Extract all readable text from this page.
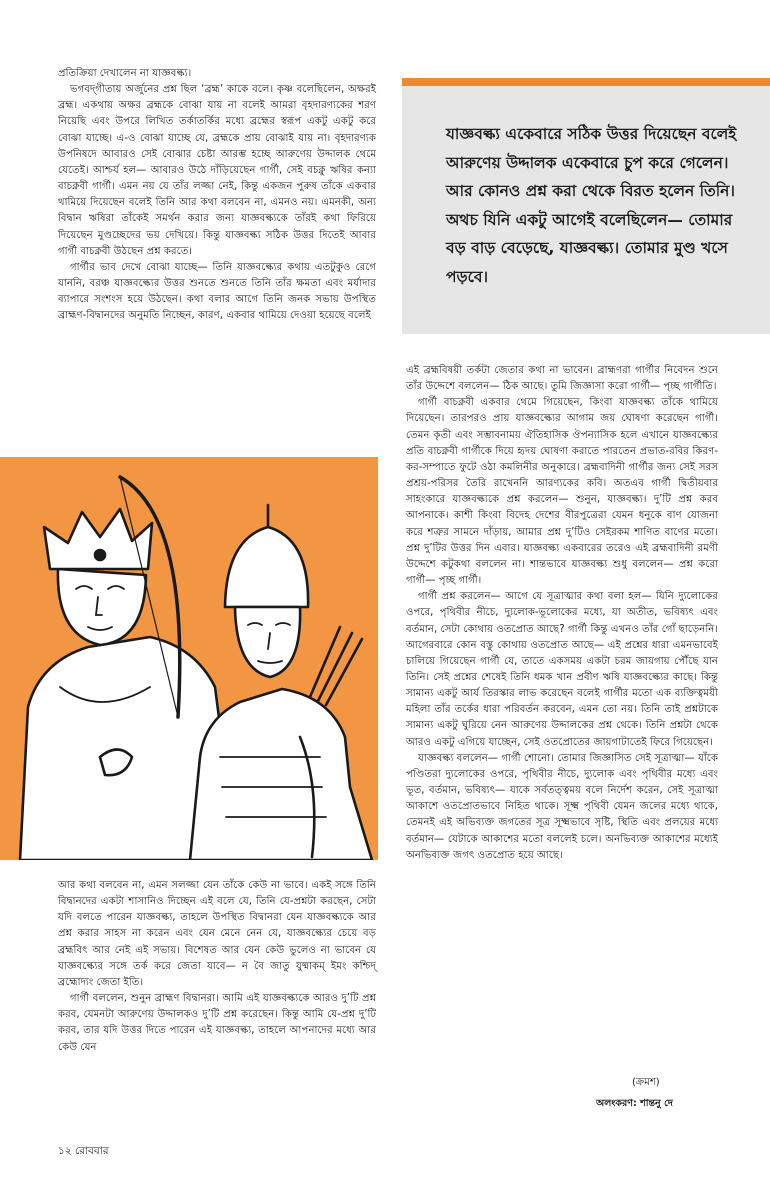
প্রতিক্রিয়া দেখালেন না যাজ্ঞবল্ক্য।

ভগবদ্‌গীতায় অর্জুনের প্রশ্ন ছিল ‘ব্রহ্ম’ কাকে বলে। কৃষ্ণ বলেছিলেন, অক্ষরই ব্রহ্ম। একথায় অক্ষর ব্রহ্মকে বোঝা যায় না বলেই আমরা বৃহদারণ্যকের শরণ নিয়েছি এবং উপরে লিখিত তর্কাতর্কির মধ্যে ব্রহ্মের স্বরূপ একটু একটু করে বোঝা যাচ্ছে। এ-ও বোঝা যাচ্ছে যে, ব্রহ্মকে প্রায় বোঝাই যায় না। বৃহদারণ্যক উপনিষদে আবারও সেই বোঝার চেষ্টা আরম্ভ হচ্ছে আরুণেয় উদ্দালক থেমে যেতেই। আশ্চর্য হল— আবারও উঠে দাঁড়িয়েছেন গার্গী, সেই বচক্নু ঋষির কন্যা বাচক্নবী গার্গী। এমন নয় যে তাঁর লজ্জা নেই, কিন্তু একজন পুরুষ তাঁকে একবার থামিয়ে দিয়েছেন বলেই তিনি আর কথা বলবেন না, এমনও নয়। এমনকী, অন্য বিদ্বান ঋষিরা তাঁকেই সমর্থন করার জন্য যাজ্ঞবল্ক্যকে তাঁরই কথা ফিরিয়ে দিয়েছেন মুণ্ডচ্ছেদের ভয় দেখিয়ে। কিন্তু যাজ্ঞবল্ক্য সঠিক উত্তর দিতেই আবার গার্গী বাচক্নবী উঠছেন প্রশ্ন করতে।

গার্গীর ভাব দেখে বোঝা যাচ্ছে— তিনি যাজ্ঞবল্ক্যের কথায় এতটুকুও রেগে যাননি, বরঞ্চ যাজ্ঞবল্ক্যের উত্তর শুনতে শুনতে তিনি তাঁর ক্ষমতা এবং মর্যাদার ব্যাপারে সংশংস হয়ে উঠছেন। কথা বলার আগে তিনি জনক সভায় উপস্থিত ব্রাহ্মণ-বিদ্বানদের অনুমতি নিচ্ছেন, কারণ, একবার থামিয়ে দেওয়া হয়েছে বলেই

যাজ্ঞবল্ক্য একেবারে সঠিক উত্তর দিয়েছেন বলেই আরুণেয় উদ্দালক একেবারে চুপ করে গেলেন। আর কোনও প্রশ্ন করা থেকে বিরত হলেন তিনি। অথচ যিনি একটু আগেই বলেছিলেন— তোমার বড় বাড় বেড়েছে, যাজ্ঞবল্ক্য। তোমার মুণ্ড খসে পড়বে।

আর কথা বলবেন না, এমন সলজ্জা যেন তাঁকে কেউ না ভাবে। একই সঙ্গে তিনি বিদ্বানদের একটা শাসানিও দিচ্ছেন এই বলে যে, তিনি যে-প্রশ্নটা করছেন, সেটা যদি বলতে পারেন যাজ্ঞবল্ক্য, তাহলে উপস্থিত বিদ্বানরা যেন যাজ্ঞবল্ক্যকে আর প্রশ্ন করার সাহস না করেন এবং যেন মেনে নেন যে, যাজ্ঞবল্ক্যের চেয়ে বড় ব্রহ্মবিৎ আর নেই এই সভায়। বিশেষত আর যেন কেউ ভুলেও না ভাবেন যে যাজ্ঞবল্ক্যের সঙ্গে তর্ক করে জেতা যাবে— ন বৈ জাতু যুষ্মাকম্‌ ইমং কশ্চিদ্‌ ব্রহ্মোদ্যং জেতা ইতি।

গার্গী বললেন, শুনুন ব্রাহ্মণ বিদ্বানরা। আমি এই যাজ্ঞবল্ক্যকে আরও দু’টি প্রশ্ন করব, যেমনটা আরুণেয় উদ্দালকও দু’টি প্রশ্ন করেছেন। কিন্তু আমি যে-প্রশ্ন দু’টি করব, তার যদি উত্তর দিতে পারেন এই যাজ্ঞবল্ক্য, তাহলে আপনাদের মধ্যে আর কেউ যেন

এই ব্রহ্মবিষয়ী তর্কটা জেতার কথা না ভাবেন। ব্রাহ্মণরা গার্গীর নিবেদন শুনে তাঁর উদ্দেশে বললেন— ঠিক আছে। তুমি জিজ্ঞাসা করো গার্গী— পৃচ্ছ গার্গীতি।

গার্গী বাচক্নবী একবার থেমে গিয়েছেন, কিংবা যাজ্ঞবল্ক্য তাঁকে থামিয়ে দিয়েছেন। তারপরও প্রায় যাজ্ঞবল্ক্যের আগাম জয় ঘোষণা করেছেন গার্গী। তেমন কৃতী এবং সম্ভাবনাময় ঐতিহাসিক ঔপন্যাসিক হলে এখানে যাজ্ঞবল্ক্যের প্রতি বাচক্নবী গার্গীকে দিয়ে হৃদয় ঘোষণা করাতে পারতেন প্রভাত-রবির কিরণ-কর-সম্পাতে ফুটে ওঠা কমলিনীর অনুকারে। ব্রহ্মবাদিনী গার্গীর জন্য সেই সরস প্রশ্রয়-পরিসর তৈরি রাখেননি আরণ্যকের কবি। অতএব গার্গী দ্বিতীয়বার সাহংকারে যাজ্ঞবল্ক্যকে প্রশ্ন করলেন— শুনুন, যাজ্ঞবল্ক্য। দু’টি প্রশ্ন করব আপনাকে। কাশী কিংবা বিদেহ দেশের বীরপুত্রেরা যেমন ধনুকে বাণ যোজনা করে শত্রুর সামনে দাঁড়ায়, আমার প্রশ্ন দু’টিও সেইরকম শাণিত বাণের মতো। প্রশ্ন দু’টির উত্তর দিন এবার। যাজ্ঞবল্ক্য একবারের তরেও এই ব্রহ্মবাদিনী রমণী উদ্দেশে কটুকথা বললেন না। শান্তভাবে যাজ্ঞবল্ক্য শুধু বললেন— প্রশ্ন করো গার্গী— পৃচ্ছ গার্গী।

গার্গী প্রশ্ন করলেন— আগে যে সূত্রাত্মার কথা বলা হল— যিনি দ্যুলোকের ওপরে, পৃথিবীর নীচে, দ্যুলোক-ভূলোকের মধ্যে, যা অতীত, ভবিষ্যৎ এবং বর্তমান, সেটা কোথায় ওতপ্রোত আছে? গার্গী কিন্তু এখনও তাঁর গোঁ ছাড়েননি। আগেরবারে কোন বস্তু কোথায় ওতপ্রোত আছে— এই প্রশ্নের ধারা এমনভাবেই চালিয়ে গিয়েছেন গার্গী যে, তাতে একসময় একটা চরম জায়গায় পৌঁছে যান তিনি। সেই প্রশ্নের শেষেই তিনি ধমক খান প্রবীণ ঋষি যাজ্ঞবল্ক্যের কাছে। কিন্তু সামান্য একটু আর্য তিরস্কার লাভ করেছেন বলেই গার্গীর মতো এক ব্যক্তিত্বময়ী মহিলা তাঁর তর্কের ধারা পরিবর্তন করবেন, এমন তো নয়। তিনি তাই প্রশ্নটাকে সামান্য একটু ঘুরিয়ে নেন আরুণেয় উদ্দালকের প্রশ্ন থেকে। তিনি প্রশ্নটা থেকে আরও একটু এগিয়ে যাচ্ছেন, সেই ওতপ্রোতের জায়গাটাতেই ফিরে গিয়েছেন।

যাজ্ঞবল্ক্য বললেন— গার্গী শোনো। তোমার জিজ্ঞাসিত সেই সূত্রাত্মা— যাঁকে পণ্ডিতরা দ্যুলোকের ওপরে, পৃথিবীর নীচে, দ্যুলোক এবং পৃথিবীর মধ্যে এবং ভূত, বর্তমান, ভবিষ্যৎ— যাকে সর্বতত্ত্বময় বলে নির্দেশ করেন, সেই সূত্রাত্মা আকাশে ওতপ্রোতভাবে নিহিত থাকে। সূক্ষ্ম পৃথিবী যেমন জলের মধ্যে থাকে, তেমনই এই অভিব্যক্ত জগতের সূত্র সূক্ষ্মভাবে সৃষ্টি, স্থিতি এবং প্রলয়ের মধ্যে বর্তমান— যেটাকে আকাশের মতো বললেই চলে। অনভিব্যক্ত আকাশের মধ্যেই অনভিব্যক্ত জগৎ ওতপ্রোত হয়ে আছে।

(ক্রমশ)
অলংকরণ: শান্তনু দে
১২ রোববার
